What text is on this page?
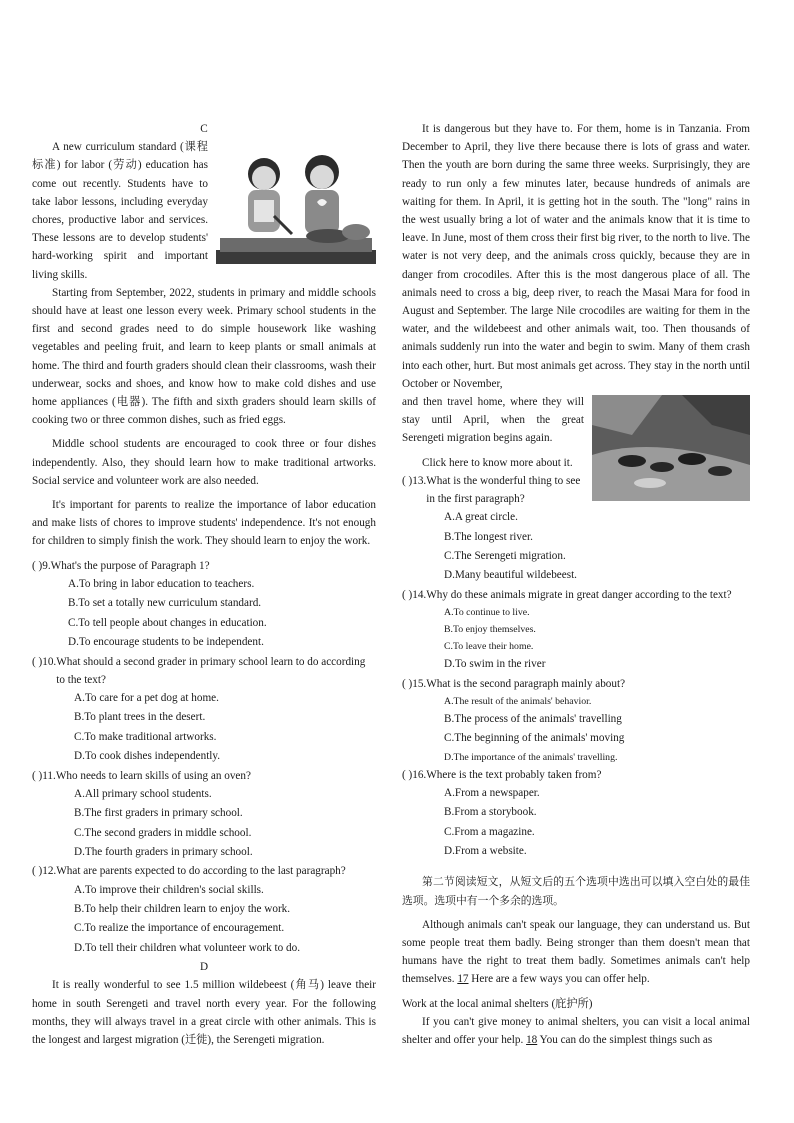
C

A new curriculum standard (课程标准) for labor (劳动) education has come out recently. Students have to take labor lessons, including everyday chores, productive labor and services. These lessons are to develop students' hard-working spirit and important living skills.

Starting from September, 2022, students in primary and middle schools should have at least one lesson every week. Primary school students in the first and second grades need to do simple housework like washing vegetables and peeling fruit, and learn to keep plants or small animals at home. The third and fourth graders should clean their classrooms, wash their underwear, socks and shoes, and know how to make cold dishes and use home appliances (电器). The fifth and sixth graders should learn skills of cooking two or three common dishes, such as fried eggs.

Middle school students are encouraged to cook three or four dishes independently. Also, they should learn how to make traditional artworks. Social service and volunteer work are also needed.

It's important for parents to realize the importance of labor education and make lists of chores to improve students' independence. It's not enough for children to simply finish the work. They should learn to enjoy the work.

( )9. What's the purpose of Paragraph 1?
A.To bring in labor education to teachers.
B.To set a totally new curriculum standard.
C.To tell people about changes in education.
D.To encourage students to be independent.
( )10. What should a second grader in primary school learn to do according to the text?
A.To care for a pet dog at home.
B.To plant trees in the desert.
C.To make traditional artworks.
D.To cook dishes independently.
( )11. Who needs to learn skills of using an oven?
A.All primary school students.
B.The first graders in primary school.
C.The second graders in middle school.
D.The fourth graders in primary school.
( )12. What are parents expected to do according to the last paragraph?
A.To improve their children's social skills.
B.To help their children learn to enjoy the work.
C.To realize the importance of encouragement.
D.To tell their children what volunteer work to do.
D

It is really wonderful to see 1.5 million wildebeest (角马) leave their home in south Serengeti and travel north every year. For the following months, they will always travel in a great circle with other animals. This is the longest and largest migration (迁徙), the Serengeti migration.

It is dangerous but they have to. For them, home is in Tanzania. From December to April, they live there because there is lots of grass and water. Then the youth are born during the same three weeks. Surprisingly, they are ready to run only a few minutes later, because hundreds of animals are waiting for them. In April, it is getting hot in the south. The "long" rains in the west usually bring a lot of water and the animals know that it is time to leave. In June, most of them cross their first big river, to the north to live. The water is not very deep, and the animals cross quickly, because they are in danger from crocodiles. After this is the most dangerous place of all. The animals need to cross a big, deep river, to reach the Masai Mara for food in August and September. The large Nile crocodiles are waiting for them in the water, and the wildebeest and other animals wait, too. Then thousands of animals suddenly run into the water and begin to swim. Many of them crash into each other, hurt. But most animals get across. They stay in the north until October or November,

and then travel home, where they will stay until April, when the great Serengeti migration begins again.

Click here to know more about it.

( )13. What is the wonderful thing to see in the first paragraph?
A.A great circle.
B.The longest river.
C.The Serengeti migration.
D.Many beautiful wildebeest.
( )14. Why do these animals migrate in great danger according to the text?
A.To continue to live.
B.To enjoy themselves.
C.To leave their home.
D.To swim in the river
( )15. What is the second paragraph mainly about?
A.The result of the animals' behavior.
B.The process of the animals' travelling
C.The beginning of the animals' moving
D.The importance of the animals' travelling.
( )16. Where is the text probably taken from?
A.From a newspaper.
B.From a storybook.
C.From a magazine.
D.From a website.

第二节阅读短文，从短文后的五个选项中选出可以填入空白处的最佳选项。选项中有一个多余的选项。

Although animals can't speak our language, they can understand us. But some people treat them badly. Being stronger than them doesn't mean that humans have the right to treat them badly. Sometimes animals can't help themselves. 17 Here are a few ways you can offer help.

Work at the local animal shelters (庇护所)

If you can't give money to animal shelters, you can visit a local animal shelter and offer your help. 18 You can do the simplest things such as
